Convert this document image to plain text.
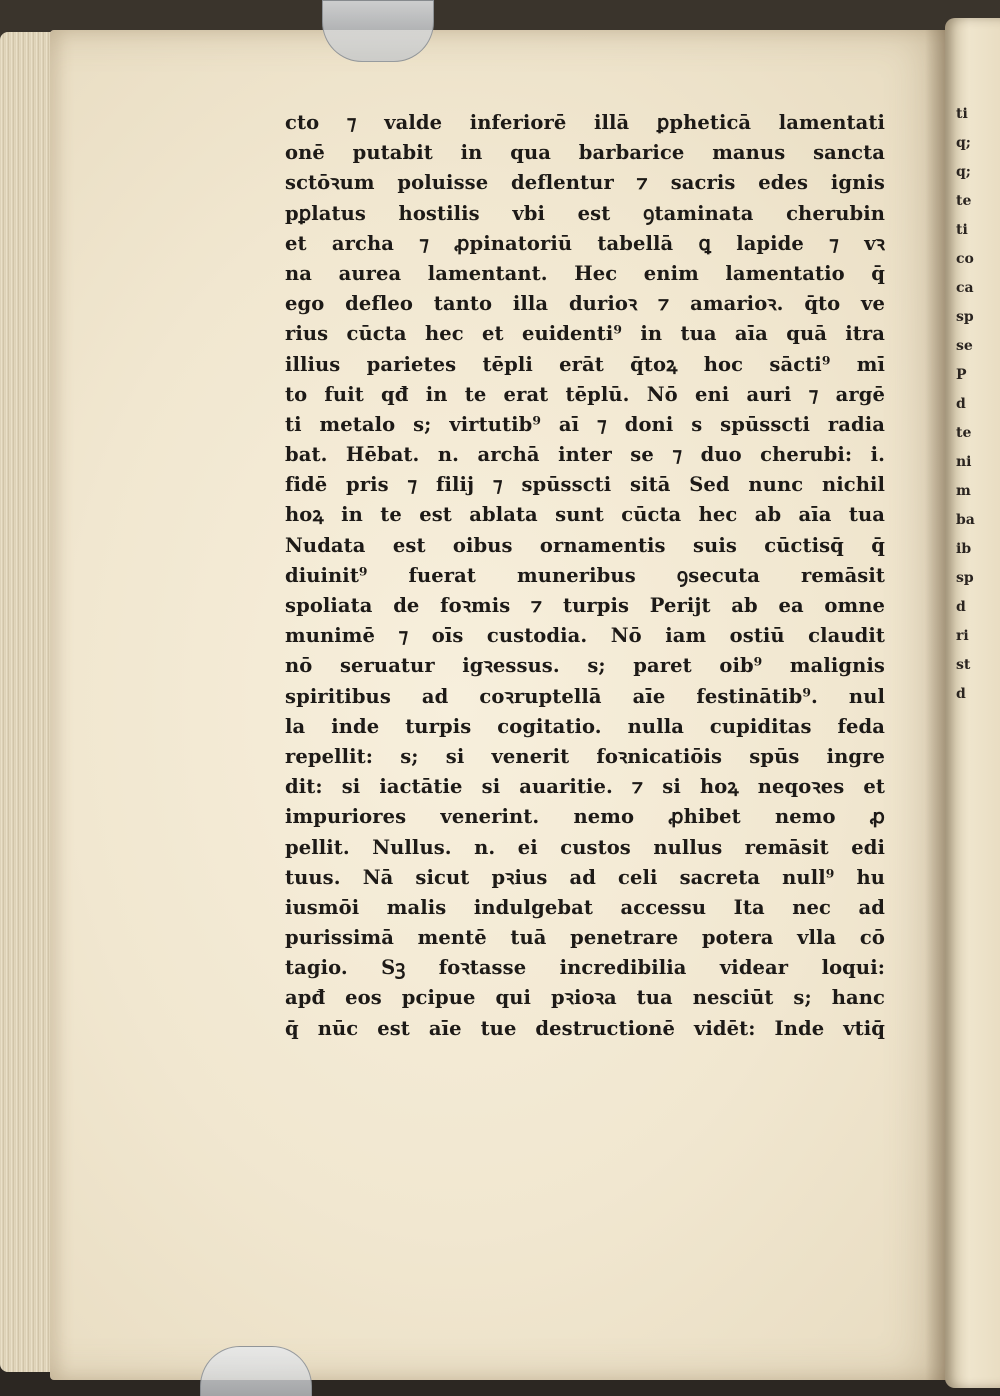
cto ⁊ valde inferiorē illā ꝑpheticā lamentati
onē putabit in qua barbarice manus sancta
sctōꝛum poluisse deflentur ⁊ sacris edes ignis
pꝑlatus hostilis vbi est ꝯtaminata cherubin
et archa ⁊ ꝓpinatoriū tabellā ꝗ lapide ⁊ vꝛ
na aurea lamentant. Hec enim lamentatio q̄
ego defleo tanto illa durioꝛ ⁊ amarioꝛ. q̄to ve
rius cūcta hec et euidenti⁹ in tua aīa quā itra
illius parietes tēpli erāt q̄toꝝ hoc sācti⁹ mī
to fuit qđ in te erat tēplū. Nō eni auri ⁊ argē
ti metalo s; virtutib⁹ aī ⁊ doni s spūsscti radia
bat. Hēbat. n. archā inter se ⁊ duo cherubi: i.
fidē pris ⁊ filij ⁊ spūsscti sitā Sed nunc nichil
hoꝝ in te est ablata sunt cūcta hec ab aīa tua
Nudata est oibus ornamentis suis cūctisq̄ q̄
diuinit⁹ fuerat muneribus ꝯsecuta remāsit
spoliata de foꝛmis ⁊ turpis Perijt ab ea omne
munimē ⁊ oīs custodia. Nō iam ostiū claudit
nō seruatur igꝛessus. s; paret oib⁹ malignis
spiritibus ad coꝛruptellā aīe festinātib⁹. nul
la inde turpis cogitatio. nulla cupiditas feda
repellit: s; si venerit foꝛnicatiōis spūs ingre
dit: si iactātie si auaritie. ⁊ si hoꝝ neqoꝛes et
impuriores venerint. nemo ꝓhibet nemo ꝓ
pellit. Nullus. n. ei custos nullus remāsit edi
tuus. Nā sicut pꝛius ad celi sacreta null⁹ hu
iusmōi malis indulgebat accessu Ita nec ad
purissimā mentē tuā penetrare potera vlla cō
tagio. Sꝫ foꝛtasse incredibilia videar loqui:
apđ eos pcipue qui pꝛioꝛa tua nesciūt s; hanc
q̄ nūc est aīe tue destructionē vidēt: Inde vtiq̄
ti
q;
q;
te
ti
co
ca
sp
se
P
d
te
ni
m
ba
ib
sp
d
ri
st
d
